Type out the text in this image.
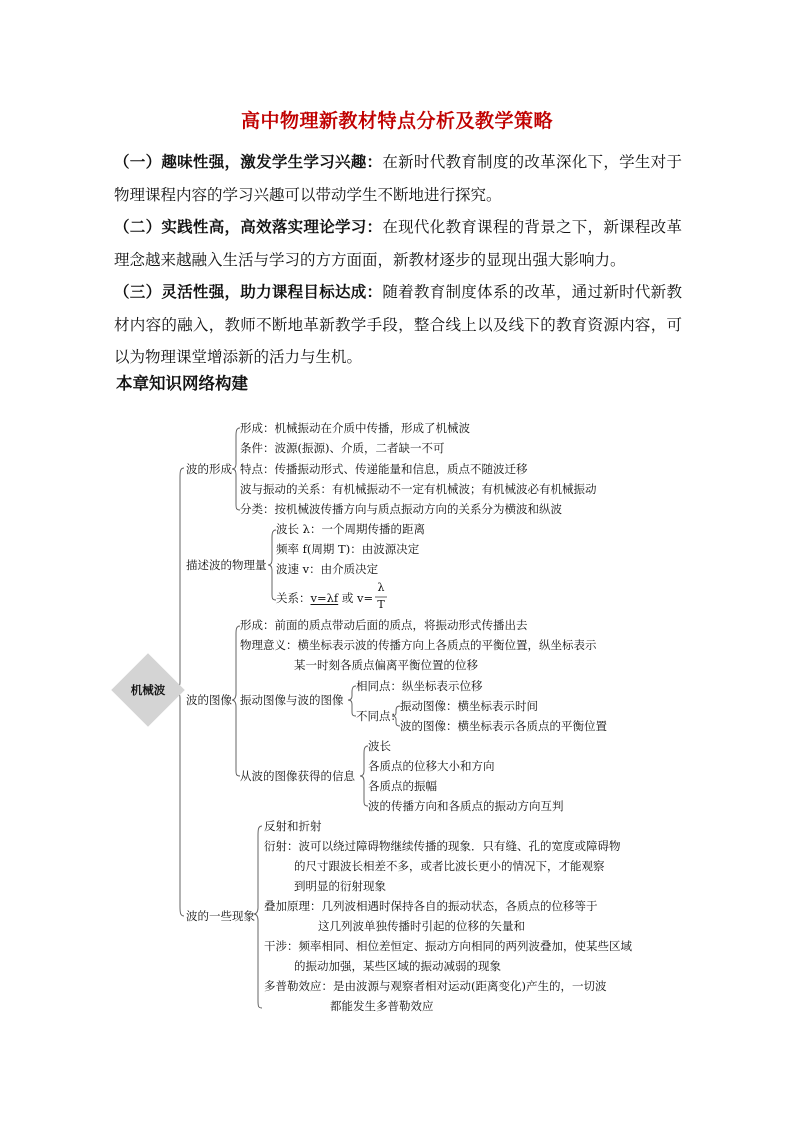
高中物理新教材特点分析及教学策略

（一）趣味性强，激发学生学习兴趣：在新时代教育制度的改革深化下，学生对于物理课程内容的学习兴趣可以带动学生不断地进行探究。

（二）实践性高，高效落实理论学习：在现代化教育课程的背景之下，新课程改革理念越来越融入生活与学习的方方面面，新教材逐步的显现出强大影响力。

（三）灵活性强，助力课程目标达成：随着教育制度体系的改革，通过新时代新教材内容的融入，教师不断地革新教学手段，整合线上以及线下的教育资源内容，可以为物理课堂增添新的活力与生机。

本章知识网络构建
机械波
波的形成
描述波的物理量
波的图像
波的一些现象
形成：机械振动在介质中传播，形成了机械波
条件：波源(振源)、介质，二者缺一不可
特点：传播振动形式、传递能量和信息，质点不随波迁移
波与振动的关系：有机械振动不一定有机械波；有机械波必有机械振动
分类：按机械波传播方向与质点振动方向的关系分为横波和纵波
波长 λ：一个周期传播的距离
频率 f(周期 T)：由波源决定
波速 v：由介质决定
关系：v=λf 或 v=
λ
T
形成：前面的质点带动后面的质点，将振动形式传播出去
物理意义：横坐标表示波的传播方向上各质点的平衡位置，纵坐标表示
某一时刻各质点偏离平衡位置的位移
振动图像与波的图像
相同点：纵坐标表示位移
不同点：
振动图像：横坐标表示时间
波的图像：横坐标表示各质点的平衡位置
从波的图像获得的信息
波长
各质点的位移大小和方向
各质点的振幅
波的传播方向和各质点的振动方向互判
反射和折射
衍射：波可以绕过障碍物继续传播的现象．只有缝、孔的宽度或障碍物
的尺寸跟波长相差不多，或者比波长更小的情况下，才能观察
到明显的衍射现象
叠加原理：几列波相遇时保持各自的振动状态，各质点的位移等于
这几列波单独传播时引起的位移的矢量和
干涉：频率相同、相位差恒定、振动方向相同的两列波叠加，使某些区域
的振动加强，某些区域的振动减弱的现象
多普勒效应：是由波源与观察者相对运动(距离变化)产生的，一切波
都能发生多普勒效应
